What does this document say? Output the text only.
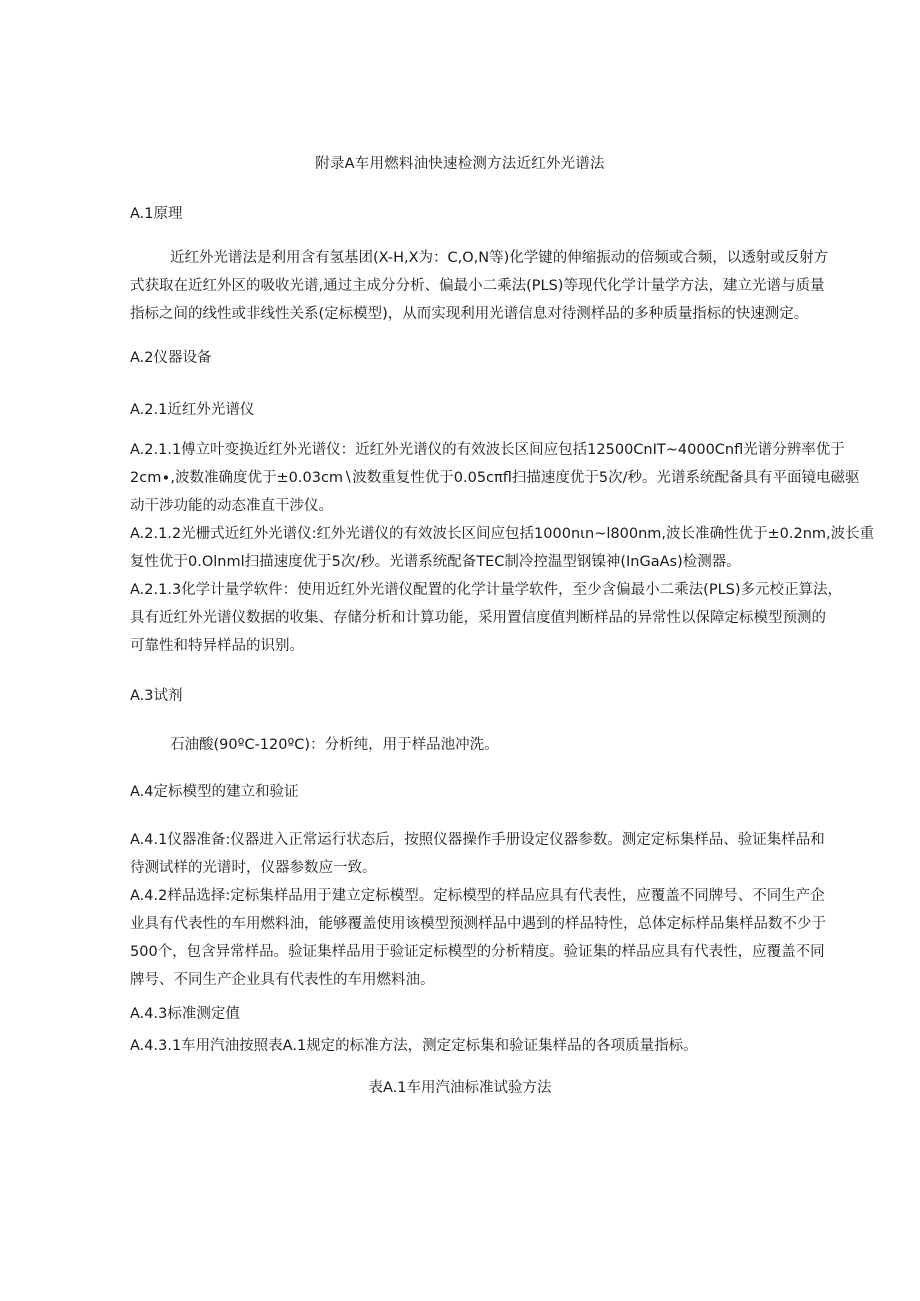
附录A车用燃料油快速检测方法近红外光谱法
A.1原理
近红外光谱法是利用含有氢基团(X-H,X为：C,O,N等)化学键的伸缩振动的倍频或合频，以透射或反射方
式获取在近红外区的吸收光谱,通过主成分分析、偏最小二乘法(PLS)等现代化学计量学方法，建立光谱与质量
指标之间的线性或非线性关系(定标模型)，从而实现利用光谱信息对待测样品的多种质量指标的快速测定。
A.2仪器设备
A.2.1近红外光谱仪
A.2.1.1傅立叶变换近红外光谱仪：近红外光谱仪的有效波长区间应包括12500CnIT~4000Cnfl光谱分辨率优于
2cm∙,波数准确度优于±0.03cm∖波数重复性优于0.05cπfl扫描速度优于5次/秒。光谱系统配备具有平面镜电磁驱
动干涉功能的动态准直干涉仪。
A.2.1.2光栅式近红外光谱仪:红外光谱仪的有效波长区间应包括1000nιn~l800nm,波长准确性优于±0.2nm,波长重
复性优于0.Olnml扫描速度优于5次/秒。光谱系统配备TEC制冷控温型钢镍神(InGaAs)检测器。
A.2.1.3化学计量学软件：使用近红外光谱仪配置的化学计量学软件，至少含偏最小二乘法(PLS)多元校正算法，
具有近红外光谱仪数据的收集、存储分析和计算功能，采用置信度值判断样品的异常性以保障定标模型预测的
可靠性和特异样品的识别。
A.3试剂
石油酸(90ºC-120ºC)：分析纯，用于样品池冲洗。
A.4定标模型的建立和验证
A.4.1仪器准备:仪器进入正常运行状态后，按照仪器操作手册设定仪器参数。测定定标集样品、验证集样品和
待测试样的光谱时，仪器参数应一致。
A.4.2样品选择:定标集样品用于建立定标模型。定标模型的样品应具有代表性，应覆盖不同牌号、不同生产企
业具有代表性的车用燃料油，能够覆盖使用该模型预测样品中遇到的样品特性，总体定标样品集样品数不少于
500个，包含异常样品。验证集样品用于验证定标模型的分析精度。验证集的样品应具有代表性，应覆盖不同
牌号、不同生产企业具有代表性的车用燃料油。
A.4.3标准测定值
A.4.3.1车用汽油按照表A.1规定的标准方法，测定定标集和验证集样品的各项质量指标。
表A.1车用汽油标准试验方法
